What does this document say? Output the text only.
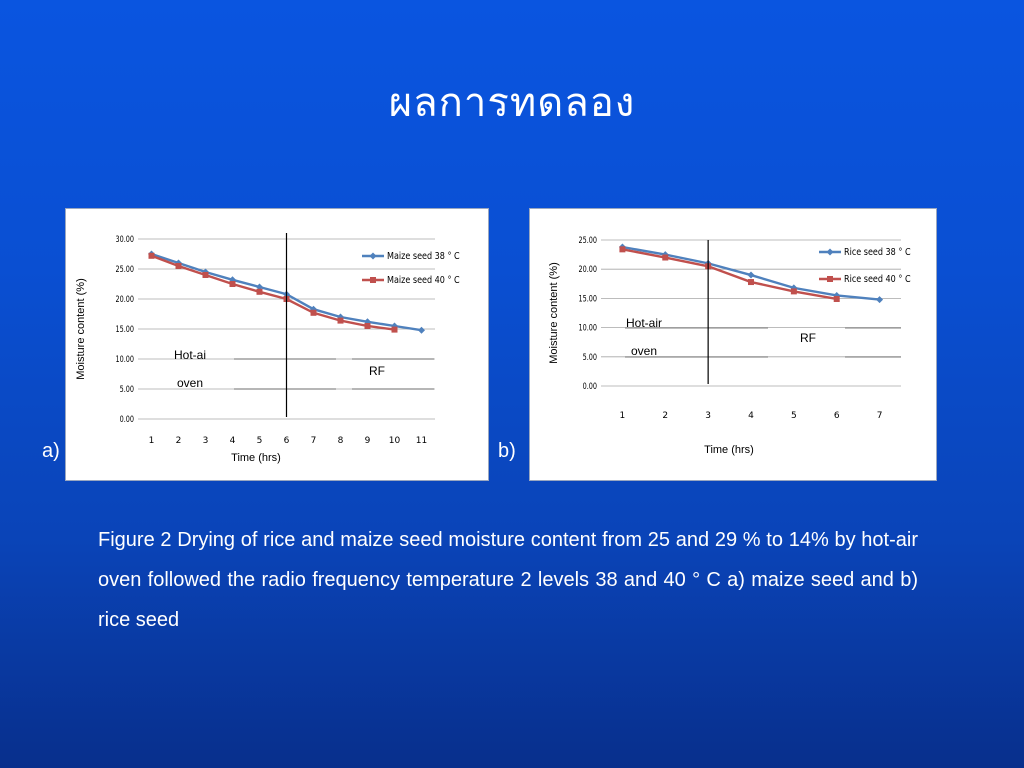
ผลการทดลอง
0.00
5.00
10.00
15.00
20.00
25.00
30.00
1 2 3 4 5 6 7 8 9 10 11
Time (hrs)
Moisture content (%)	Hot-ai
oven
RF
Maize seed 38 ° C
Maize seed 40 ° C
a)
0.00
5.00
10.00
15.00
20.00
25.00
1	2	3	4	5	6	7
Time (hrs)
Moisture content (%)	Hot-air
oven
RF
Rice seed 38 ° C
Rice seed 40 ° C
b)
Figure 2 Drying of rice and maize seed moisture content from 25 and 29 % to 14% by hot-air oven followed the radio frequency temperature 2 levels 38 and 40 ° C a) maize seed and b) rice seed
